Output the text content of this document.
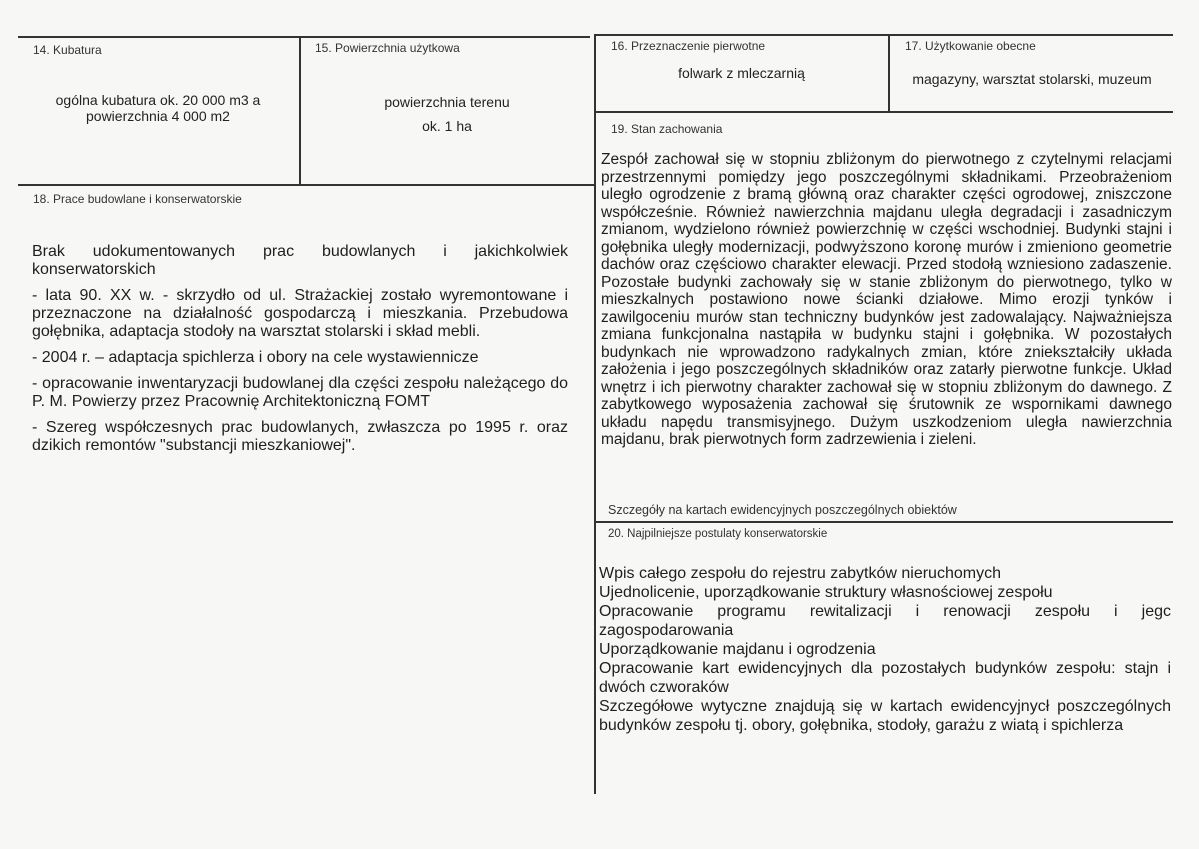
14. Kubatura
ogólna kubatura ok. 20 000 m3 a
powierzchnia 4 000 m2
15. Powierzchnia użytkowa
powierzchnia terenu
ok. 1 ha
16. Przeznaczenie pierwotne
folwark z mleczarnią
17. Użytkowanie obecne
magazyny, warsztat stolarski, muzeum
19. Stan zachowania
Zespół zachował się w stopniu zbliżonym do pierwotnego z czytelnymi relacjami przestrzennymi pomiędzy jego poszczególnymi składnikami. Przeobrażeniom uległo ogrodzenie z bramą główną oraz charakter części ogrodowej, zniszczone współcześnie. Również nawierzchnia majdanu uległa degradacji i zasadniczym zmianom, wydzielono również powierzchnię w części wschodniej. Budynki stajni i gołębnika uległy modernizacji, podwyższono koronę murów i zmieniono geometrie dachów oraz częściowo charakter elewacji. Przed stodołą wzniesiono zadaszenie. Pozostałe budynki zachowały się w stanie zbliżonym do pierwotnego, tylko w mieszkalnych postawiono nowe ścianki działowe. Mimo erozji tynków i zawilgoceniu murów stan techniczny budynków jest zadowalający. Najważniejsza zmiana funkcjonalna nastąpiła w budynku stajni i gołębnika. W pozostałych budynkach nie wprowadzono radykalnych zmian, które zniekształciły układa założenia i jego poszczególnych składników oraz zatarły pierwotne funkcje. Układ wnętrz i ich pierwotny charakter zachował się w stopniu zbliżonym do dawnego. Z zabytkowego wyposażenia zachował się śrutownik ze wspornikami dawnego układu napędu transmisyjnego. Dużym uszkodzeniom uległa nawierzchnia majdanu, brak pierwotnych form zadrzewienia i zieleni.
Szczegóły na kartach ewidencyjnych poszczególnych obiektów
18. Prace budowlane i konserwatorskie

Brak udokumentowanych prac budowlanych i jakichkolwiek konserwatorskich

- lata 90. XX w. - skrzydło od ul. Strażackiej zostało wyremontowane i przeznaczone na działalność gospodarczą i mieszkania. Przebudowa gołębnika, adaptacja stodoły na warsztat stolarski i skład mebli.

- 2004 r. – adaptacja spichlerza i obory na cele wystawiennicze

- opracowanie inwentaryzacji budowlanej dla części zespołu należącego do P. M. Powierzy przez Pracownię Architektoniczną FOMT

- Szereg współczesnych prac budowlanych, zwłaszcza po 1995 r. oraz dzikich remontów "substancji mieszkaniowej".

20. Najpilniejsze postulaty konserwatorskie
Wpis całego zespołu do rejestru zabytków nieruchomych
Ujednolicenie, uporządkowanie struktury własnościowej zespołu
Opracowanie programu rewitalizacji i renowacji zespołu i jegc zagospodarowania
Uporządkowanie majdanu i ogrodzenia
Opracowanie kart ewidencyjnych dla pozostałych budynków zespołu: stajn i dwóch czworaków
Szczegółowe wytyczne znajdują się w kartach ewidencyjnycł poszczególnych budynków zespołu tj. obory, gołębnika, stodoły, garażu z wiatą i spichlerza
